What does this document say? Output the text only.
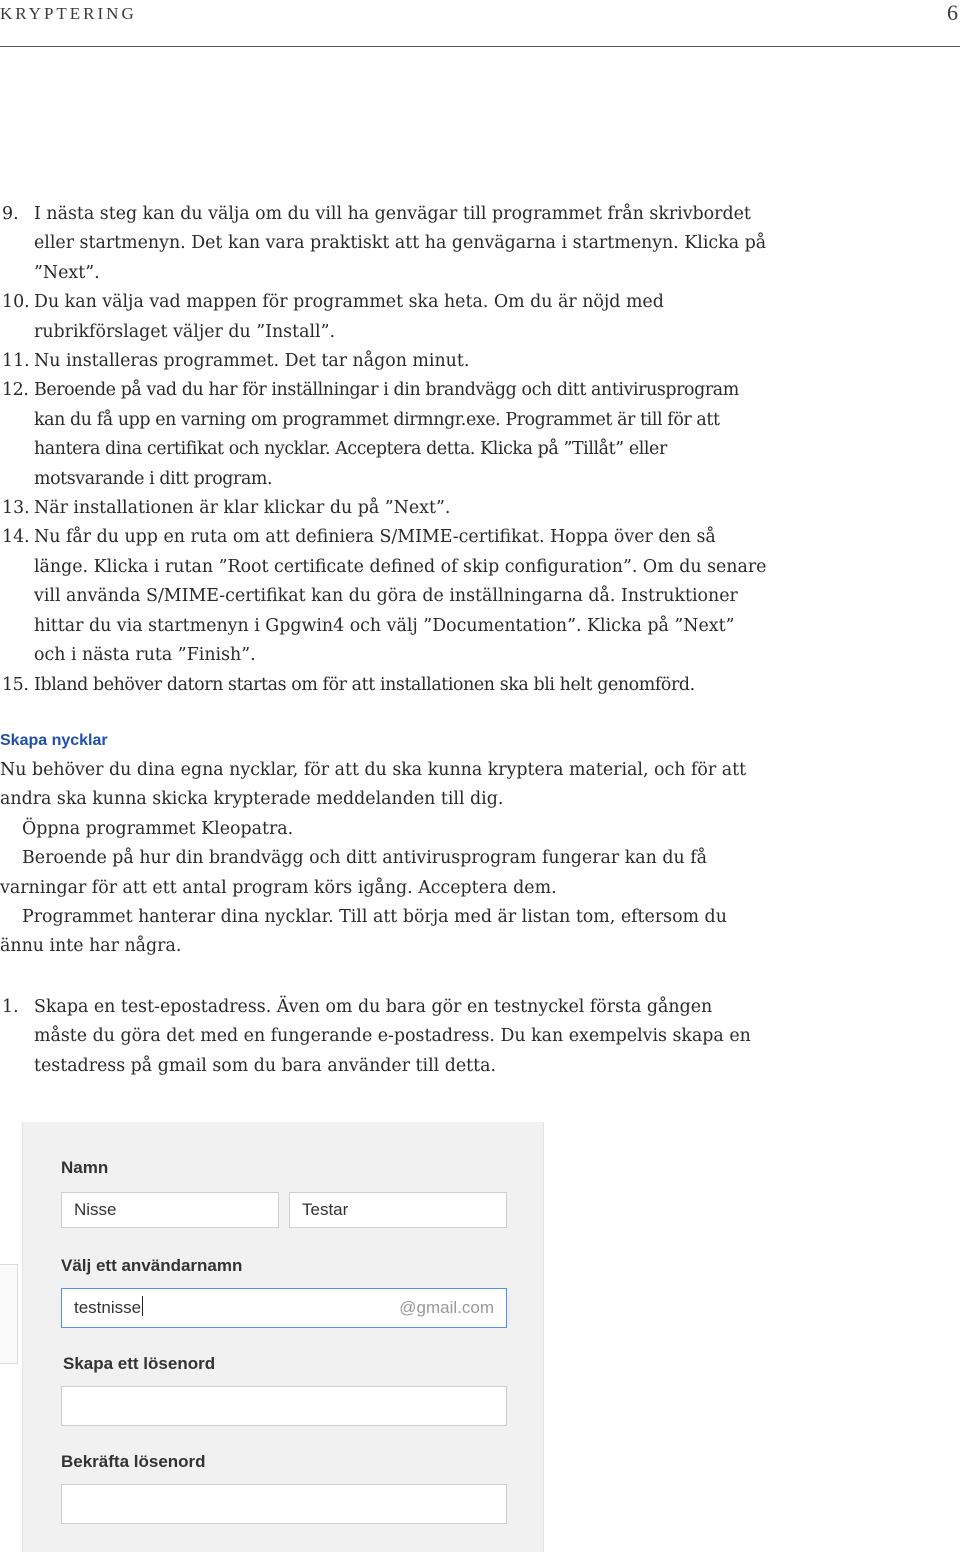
KRYPTERING	6
9. I nästa steg kan du välja om du vill ha genvägar till programmet från skrivbordet eller startmenyn. Det kan vara praktiskt att ha genvägarna i startmenyn. Klicka på ”Next”.
10. Du kan välja vad mappen för programmet ska heta. Om du är nöjd med rubrikförslaget väljer du ”Install”.
11. Nu installeras programmet. Det tar någon minut.
12. Beroende på vad du har för inställningar i din brandvägg och ditt antivirusprogram kan du få upp en varning om programmet dirmngr.exe. Programmet är till för att hantera dina certifikat och nycklar. Acceptera detta. Klicka på ”Tillåt” eller motsvarande i ditt program.
13. När installationen är klar klickar du på ”Next”.
14. Nu får du upp en ruta om att definiera S/MIME-certifikat. Hoppa över den så länge. Klicka i rutan ”Root certificate defined of skip configuration”. Om du senare vill använda S/MIME-certifikat kan du göra de inställningarna då. Instruktioner hittar du via startmenyn i Gpgwin4 och välj ”Documentation”. Klicka på ”Next” och i nästa ruta ”Finish”.
15. Ibland behöver datorn startas om för att installationen ska bli helt genomförd.
Skapa nycklar

Nu behöver du dina egna nycklar, för att du ska kunna kryptera material, och för att andra ska kunna skicka krypterade meddelanden till dig.

Öppna programmet Kleopatra.

Beroende på hur din brandvägg och ditt antivirusprogram fungerar kan du få varningar för att ett antal program körs igång. Acceptera dem.

Programmet hanterar dina nycklar. Till att börja med är listan tom, eftersom du ännu inte har några.

1. Skapa en test-epostadress. Även om du bara gör en testnyckel första gången måste du göra det med en fungerande e-postadress. Du kan exempelvis skapa en testadress på gmail som du bara använder till detta.
Namn
Nisse	Testar
Välj ett användarnamn
testnisse	@gmail.com
Skapa ett lösenord
Bekräfta lösenord
